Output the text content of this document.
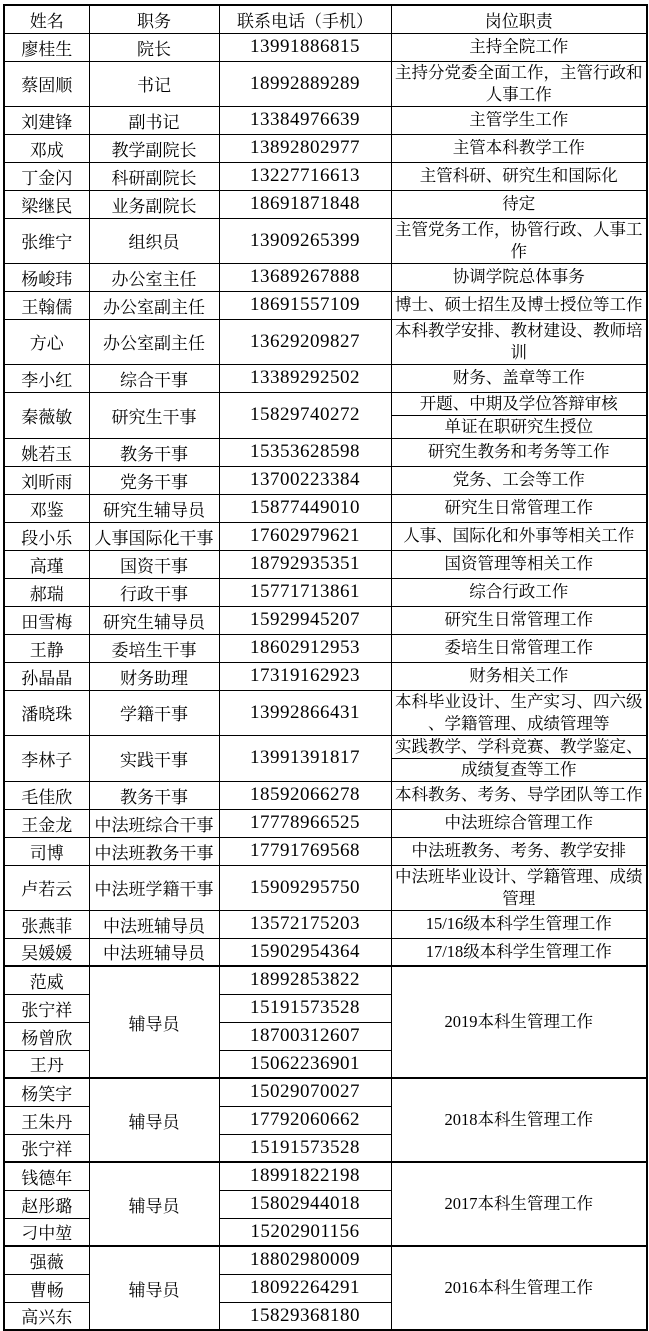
姓名	职务	联系电话（手机）	岗位职责
廖桂生	院长	13991886815	主持全院工作
蔡固顺	书记	18992889289	主持分党委全面工作，主管行政和人事工作
刘建锋	副书记	13384976639	主管学生工作
邓成	教学副院长	13892802977	主管本科教学工作
丁金闪	科研副院长	13227716613	主管科研、研究生和国际化
梁继民	业务副院长	18691871848	待定
张维宁	组织员	13909265399	主管党务工作，协管行政、人事工作
杨峻玮	办公室主任	13689267888	协调学院总体事务
王翰儒	办公室副主任	18691557109	博士、硕士招生及博士授位等工作
方心	办公室副主任	13629209827	本科教学安排、教材建设、教师培训
李小红	综合干事	13389292502	财务、盖章等工作
秦薇敏	研究生干事	15829740272	开题、中期及学位答辩审核
			单证在职研究生授位
姚若玉	教务干事	15353628598	研究生教务和考务等工作
刘昕雨	党务干事	13700223384	党务、工会等工作
邓鉴	研究生辅导员	15877449010	研究生日常管理工作
段小乐	人事国际化干事	17602979621	人事、国际化和外事等相关工作
高瑾	国资干事	18792935351	国资管理等相关工作
郝瑞	行政干事	15771713861	综合行政工作
田雪梅	研究生辅导员	15929945207	研究生日常管理工作
王静	委培生干事	18602912953	委培生日常管理工作
孙晶晶	财务助理	17319162923	财务相关工作
潘晓珠	学籍干事	13992866431	本科毕业设计、生产实习、四六级、学籍管理、成绩管理等
李林子	实践干事	13991391817	实践教学、学科竞赛、教学鉴定、
			成绩复查等工作
毛佳欣	教务干事	18592066278	本科教务、考务、导学团队等工作
王金龙	中法班综合干事	17778966525	中法班综合管理工作
司博	中法班教务干事	17791769568	中法班教务、考务、教学安排
卢若云	中法班学籍干事	15909295750	中法班毕业设计、学籍管理、成绩管理
张燕菲	中法班辅导员	13572175203	15/16级本科学生管理工作
吴媛媛	中法班辅导员	15902954364	17/18级本科学生管理工作
范威	辅导员	18992853822	2019本科生管理工作
张宁祥		15191573528	
杨曾欣		18700312607	
王丹		15062236901	
杨笑宇	辅导员	15029070027	2018本科生管理工作
王朱丹		17792060662	
张宁祥		15191573528	
钱德年	辅导员	18991822198	2017本科生管理工作
赵彤璐		15802944018	
刁中堃		15202901156	
强薇	辅导员	18802980009	2016本科生管理工作
曹畅		18092264291	
高兴东		15829368180	
